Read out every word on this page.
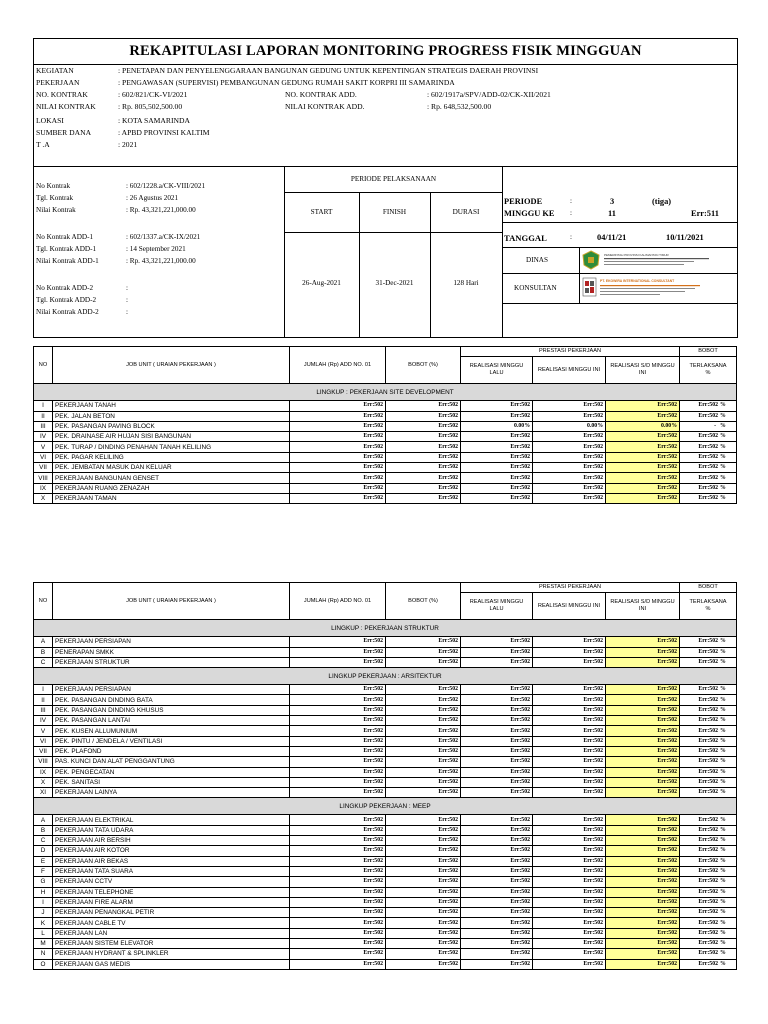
REKAPITULASI LAPORAN MONITORING PROGRESS FISIK MINGGUAN
KEGIATAN	: PENETAPAN DAN PENYELENGGARAAN BANGUNAN GEDUNG UNTUK KEPENTINGAN STRATEGIS DAERAH PROVINSI
PEKERJAAN	: PENGAWASAN (SUPERVISI) PEMBANGUNAN GEDUNG RUMAH SAKIT KORPRI III SAMARINDA
NO. KONTRAK	: 602/821/CK-VI/2021	NO. KONTRAK ADD.	: 602/1917a/SPV/ADD-02/CK-XII/2021
NILAI KONTRAK	: Rp. 805,502,500.00	NILAI KONTRAK ADD.	: Rp. 648,532,500.00
LOKASI	: KOTA SAMARINDA
SUMBER DANA	: APBD PROVINSI KALTIM
T .A	: 2021
No Kontrak	: 602/1228.a/CK-VIII/2021
Tgl. Kontrak	: 26 Agustus 2021
Nilai Kontrak	: Rp. 43,321,221,000.00
No Kontrak ADD-1	: 602/1337.a/CK-IX/2021
Tgl. Kontrak ADD-1	: 14 September 2021
Nilai Kontrak ADD-1	: Rp. 43,321,221,000.00
No Kontrak ADD-2	:
Tgl. Kontrak ADD-2	:
Nilai Kontrak ADD-2	:
PERIODE PELAKSANAAN
START	FINISH	DURASI
26-Aug-2021	31-Dec-2021	128 Hari
PERIODE	:	3	(tiga)
MINGGU KE :	11	Err:511
TANGGAL	:	04/11/21	10/11/2021
DINAS
KONSULTAN
PEMERINTAH PROVINSI KALIMANTAN TIMUR
PT. EKOWIRA INTERNATIONAL CONSULTANT
NO	JOB UNIT ( URAIAN PEKERJAAN )	JUMLAH (Rp) ADD NO. 01	BOBOT (%)	PRESTASI PEKERJAAN			BOBOT
				REALISASI MINGGU LALU	REALISASI MINGGU INI	REALISASI S/D MINGGU INI	TERLAKSANA
%
LINGKUP : PEKERJAAN SITE DEVELOPMENT							
I	PEKERJAAN TANAH	Err:502	Err:502	Err:502	Err:502	Err:502	Err:502 %
II	PEK. JALAN BETON	Err:502	Err:502	Err:502	Err:502	Err:502	Err:502 %
III	PEK. PASANGAN PAVING BLOCK	Err:502	Err:502	0.00%	0.00%	0.00%	- %
IV	PEK. DRAINASE AIR HUJAN SISI BANGUNAN	Err:502	Err:502	Err:502	Err:502	Err:502	Err:502 %
V	PEK. TURAP / DINDING PENAHAN TANAH KELILING	Err:502	Err:502	Err:502	Err:502	Err:502	Err:502 %
VI	PEK. PAGAR KELILING	Err:502	Err:502	Err:502	Err:502	Err:502	Err:502 %
VII	PEK. JEMBATAN MASUK DAN KELUAR	Err:502	Err:502	Err:502	Err:502	Err:502	Err:502 %
VIII	PEKERJAAN BANGUNAN GENSET	Err:502	Err:502	Err:502	Err:502	Err:502	Err:502 %
IX	PEKERJAAN RUANG ZENAZAH	Err:502	Err:502	Err:502	Err:502	Err:502	Err:502 %
X	PEKERJAAN TAMAN	Err:502	Err:502	Err:502	Err:502	Err:502	Err:502 %
NO	JOB UNIT ( URAIAN PEKERJAAN )	JUMLAH (Rp) ADD NO. 01	BOBOT (%)	PRESTASI PEKERJAAN			BOBOT
				REALISASI MINGGU LALU	REALISASI MINGGU INI	REALISASI S/D MINGGU INI	TERLAKSANA
%
LINGKUP : PEKERJAAN STRUKTUR							
A	PEKERJAAN PERSIAPAN	Err:502	Err:502	Err:502	Err:502	Err:502	Err:502 %
B	PENERAPAN SMKK	Err:502	Err:502	Err:502	Err:502	Err:502	Err:502 %
C	PEKERJAAN STRUKTUR	Err:502	Err:502	Err:502	Err:502	Err:502	Err:502 %
LINGKUP PEKERJAAN : ARSITEKTUR							
I	PEKERJAAN PERSIAPAN	Err:502	Err:502	Err:502	Err:502	Err:502	Err:502 %
II	PEK. PASANGAN DINDING BATA	Err:502	Err:502	Err:502	Err:502	Err:502	Err:502 %
III	PEK. PASANGAN DINDING KHUSUS	Err:502	Err:502	Err:502	Err:502	Err:502	Err:502 %
IV	PEK. PASANGAN LANTAI	Err:502	Err:502	Err:502	Err:502	Err:502	Err:502 %
V	PEK. KUSEN ALLUMUNIUM	Err:502	Err:502	Err:502	Err:502	Err:502	Err:502 %
VI	PEK. PINTU / JENDELA / VENTILASI	Err:502	Err:502	Err:502	Err:502	Err:502	Err:502 %
VII	PEK. PLAFOND	Err:502	Err:502	Err:502	Err:502	Err:502	Err:502 %
VIII	PAS. KUNCI DAN ALAT PENGGANTUNG	Err:502	Err:502	Err:502	Err:502	Err:502	Err:502 %
IX	PEK. PENGECATAN	Err:502	Err:502	Err:502	Err:502	Err:502	Err:502 %
X	PEK. SANITASI	Err:502	Err:502	Err:502	Err:502	Err:502	Err:502 %
XI	PEKERJAAN LAINYA	Err:502	Err:502	Err:502	Err:502	Err:502	Err:502 %
LINGKUP PEKERJAAN : MEEP							
A	PEKERJAAN ELEKTRIKAL	Err:502	Err:502	Err:502	Err:502	Err:502	Err:502 %
B	PEKERJAAN TATA UDARA	Err:502	Err:502	Err:502	Err:502	Err:502	Err:502 %
C	PEKERJAAN AIR BERSIH	Err:502	Err:502	Err:502	Err:502	Err:502	Err:502 %
D	PEKERJAAN AIR KOTOR	Err:502	Err:502	Err:502	Err:502	Err:502	Err:502 %
E	PEKERJAAN AIR BEKAS	Err:502	Err:502	Err:502	Err:502	Err:502	Err:502 %
F	PEKERJAAN TATA SUARA	Err:502	Err:502	Err:502	Err:502	Err:502	Err:502 %
G	PEKERJAAN CCTV	Err:502	Err:502	Err:502	Err:502	Err:502	Err:502 %
H	PEKERJAAN TELEPHONE	Err:502	Err:502	Err:502	Err:502	Err:502	Err:502 %
I	PEKERJAAN FIRE ALARM	Err:502	Err:502	Err:502	Err:502	Err:502	Err:502 %
J	PEKERJAAN PENANGKAL PETIR	Err:502	Err:502	Err:502	Err:502	Err:502	Err:502 %
K	PEKERJAAN CABLE TV	Err:502	Err:502	Err:502	Err:502	Err:502	Err:502 %
L	PEKERJAAN LAN	Err:502	Err:502	Err:502	Err:502	Err:502	Err:502 %
M	PEKERJAAN SISTEM ELEVATOR	Err:502	Err:502	Err:502	Err:502	Err:502	Err:502 %
N	PEKERJAAN HYDRANT & SPLINKLER	Err:502	Err:502	Err:502	Err:502	Err:502	Err:502 %
O	PEKERJAAN GAS MEDIS	Err:502	Err:502	Err:502	Err:502	Err:502	Err:502 %
